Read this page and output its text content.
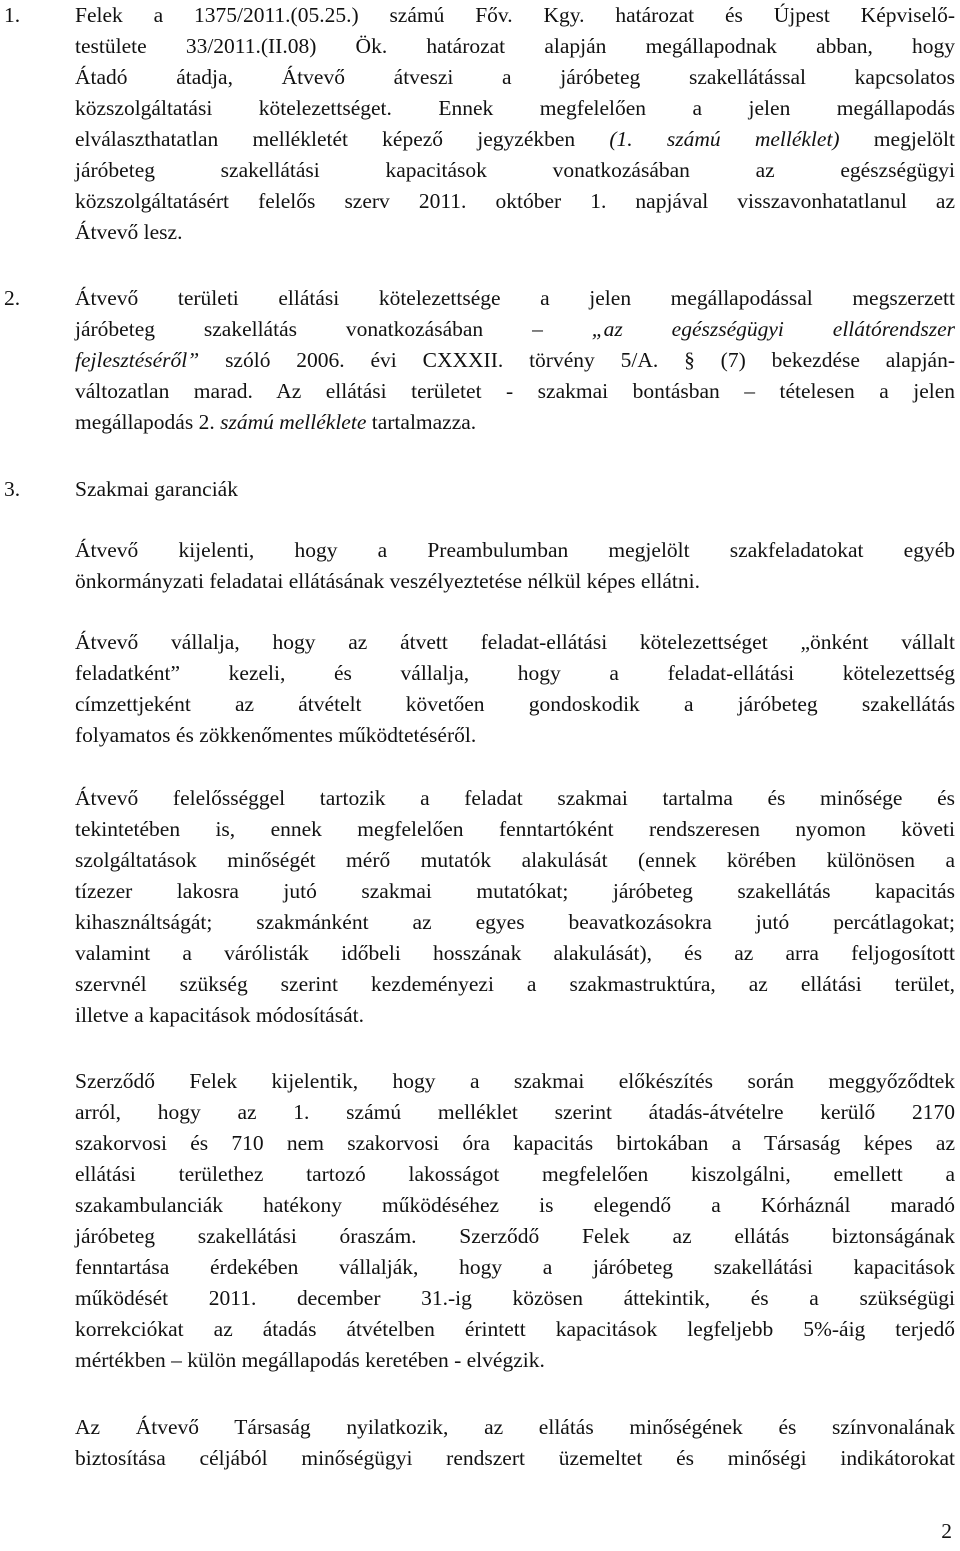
1.	Felek a 1375/2011.(05.25.) számú Főv. Kgy. határozat és Újpest Képviselő-
testülete 33/2011.(II.08) Ök. határozat alapján megállapodnak abban, hogy
Átadó átadja, Átvevő átveszi a járóbeteg szakellátással kapcsolatos
közszolgáltatási kötelezettséget. Ennek megfelelően a jelen megállapodás
elválaszthatatlan mellékletét képező jegyzékben (1. számú melléklet) megjelölt
járóbeteg szakellátási kapacitások vonatkozásában az egészségügyi
közszolgáltatásért felelős szerv 2011. október 1. napjával visszavonhatatlanul az
Átvevő lesz.
2.	Átvevő területi ellátási kötelezettsége a jelen megállapodással megszerzett
járóbeteg szakellátás vonatkozásában – „az egészségügyi ellátórendszer
fejlesztéséről” szóló 2006. évi CXXXII. törvény 5/A. § (7) bekezdése alapján-
változatlan marad. Az ellátási területet - szakmai bontásban – tételesen a jelen
megállapodás 2. számú melléklete tartalmazza.
3.	Szakmai garanciák
Átvevő kijelenti, hogy a Preambulumban megjelölt szakfeladatokat egyéb
önkormányzati feladatai ellátásának veszélyeztetése nélkül képes ellátni.
Átvevő vállalja, hogy az átvett feladat-ellátási kötelezettséget „önként vállalt
feladatként” kezeli, és vállalja, hogy a feladat-ellátási kötelezettség
címzettjeként az átvételt követően gondoskodik a járóbeteg szakellátás
folyamatos és zökkenőmentes működtetéséről.
Átvevő felelősséggel tartozik a feladat szakmai tartalma és minősége és
tekintetében is, ennek megfelelően fenntartóként rendszeresen nyomon követi
szolgáltatások minőségét mérő mutatók alakulását (ennek körében különösen a
tízezer lakosra jutó szakmai mutatókat; járóbeteg szakellátás kapacitás
kihasználtságát; szakmánként az egyes beavatkozásokra jutó percátlagokat;
valamint a várólisták időbeli hosszának alakulását), és az arra feljogosított
szervnél szükség szerint kezdeményezi a szakmastruktúra, az ellátási terület,
illetve a kapacitások módosítását.
Szerződő Felek kijelentik, hogy a szakmai előkészítés során meggyőződtek
arról, hogy az 1. számú melléklet szerint átadás-átvételre kerülő 2170
szakorvosi és 710 nem szakorvosi óra kapacitás birtokában a Társaság képes az
ellátási területhez tartozó lakosságot megfelelően kiszolgálni, emellett a
szakambulanciák hatékony működéséhez is elegendő a Kórháznál maradó
járóbeteg szakellátási óraszám. Szerződő Felek az ellátás biztonságának
fenntartása érdekében vállalják, hogy a járóbeteg szakellátási kapacitások
működését 2011. december 31.-ig közösen áttekintik, és a szükségügi
korrekciókat az átadás átvételben érintett kapacitások legfeljebb 5%-áig terjedő
mértékben – külön megállapodás keretében - elvégzik.
Az Átvevő Társaság nyilatkozik, az ellátás minőségének és színvonalának
biztosítása céljából minőségügyi rendszert üzemeltet és minőségi indikátorokat
2
